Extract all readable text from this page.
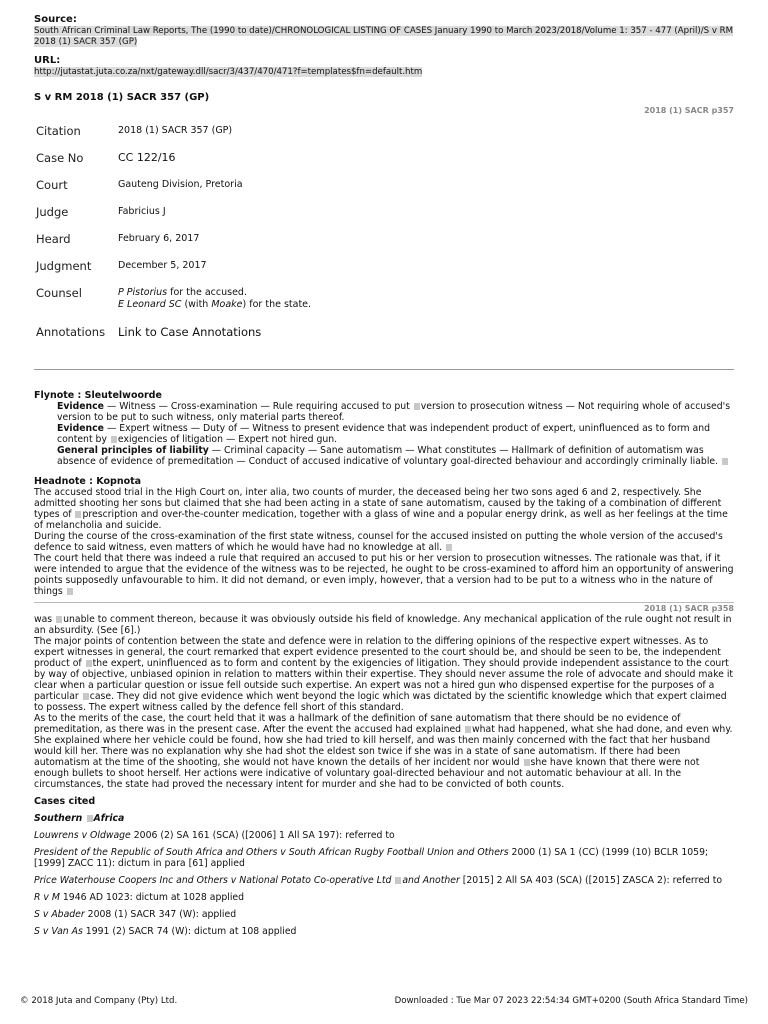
Source:
South African Criminal Law Reports, The (1990 to date)/CHRONOLOGICAL LISTING OF CASES January 1990 to March 2023/2018/Volume 1: 357 - 477 (April)/S v RM 2018 (1) SACR 357 (GP)
URL:
http://jutastat.juta.co.za/nxt/gateway.dll/sacr/3/437/470/471?f=templates$fn=default.htm
S v RM 2018 (1) SACR 357 (GP)
2018 (1) SACR p357
Citation	2018 (1) SACR 357 (GP)
Case No	CC 122/16
Court	Gauteng Division, Pretoria
Judge	Fabricius J
Heard	February 6, 2017
Judgment	December 5, 2017
Counsel	P Pistorius for the accused.
E Leonard SC (with Moake) for the state.

Annotations	Link to Case Annotations
Flynote : Sleutelwoorde

Evidence — Witness — Cross-examination — Rule requiring accused to put version to prosecution witness — Not requiring whole of accused's version to be put to such witness, only material parts thereof.

Evidence — Expert witness — Duty of — Witness to present evidence that was independent product of expert, uninfluenced as to form and content by exigencies of litigation — Expert not hired gun.

General principles of liability — Criminal capacity — Sane automatism — What constitutes — Hallmark of definition of automatism was absence of evidence of premeditation — Conduct of accused indicative of voluntary goal-directed behaviour and accordingly criminally liable.

Headnote : Kopnota

The accused stood trial in the High Court on, inter alia, two counts of murder, the deceased being her two sons aged 6 and 2, respectively. She admitted shooting her sons but claimed that she had been acting in a state of sane automatism, caused by the taking of a combination of different types of prescription and over-the-counter medication, together with a glass of wine and a popular energy drink, as well as her feelings at the time of melancholia and suicide.

During the course of the cross-examination of the first state witness, counsel for the accused insisted on putting the whole version of the accused's defence to said witness, even matters of which he would have had no knowledge at all.

The court held that there was indeed a rule that required an accused to put his or her version to prosecution witnesses. The rationale was that, if it were intended to argue that the evidence of the witness was to be rejected, he ought to be cross-examined to afford him an opportunity of answering points supposedly unfavourable to him. It did not demand, or even imply, however, that a version had to be put to a witness who in the nature of things

2018 (1) SACR p358

was unable to comment thereon, because it was obviously outside his field of knowledge. Any mechanical application of the rule ought not result in an absurdity. (See [6].)

The major points of contention between the state and defence were in relation to the differing opinions of the respective expert witnesses. As to expert witnesses in general, the court remarked that expert evidence presented to the court should be, and should be seen to be, the independent product of the expert, uninfluenced as to form and content by the exigencies of litigation. They should provide independent assistance to the court by way of objective, unbiased opinion in relation to matters within their expertise. They should never assume the role of advocate and should make it clear when a particular question or issue fell outside such expertise. An expert was not a hired gun who dispensed expertise for the purposes of a particular case. They did not give evidence which went beyond the logic which was dictated by the scientific knowledge which that expert claimed to possess. The expert witness called by the defence fell short of this standard.

As to the merits of the case, the court held that it was a hallmark of the definition of sane automatism that there should be no evidence of premeditation, as there was in the present case. After the event the accused had explained what had happened, what she had done, and even why. She explained where her vehicle could be found, how she had tried to kill herself, and was then mainly concerned with the fact that her husband would kill her. There was no explanation why she had shot the eldest son twice if she was in a state of sane automatism. If there had been automatism at the time of the shooting, she would not have known the details of her incident nor would she have known that there were not enough bullets to shoot herself. Her actions were indicative of voluntary goal-directed behaviour and not automatic behaviour at all. In the circumstances, the state had proved the necessary intent for murder and she had to be convicted of both counts.

Cases cited

Southern Africa

Louwrens v Oldwage 2006 (2) SA 161 (SCA) ([2006] 1 All SA 197): referred to

President of the Republic of South Africa and Others v South African Rugby Football Union and Others 2000 (1) SA 1 (CC) (1999 (10) BCLR 1059; [1999] ZACC 11): dictum in para [61] applied

Price Waterhouse Coopers Inc and Others v National Potato Co-operative Ltd and Another [2015] 2 All SA 403 (SCA) ([2015] ZASCA 2): referred to

R v M 1946 AD 1023: dictum at 1028 applied

S v Abader 2008 (1) SACR 347 (W): applied

S v Van As 1991 (2) SACR 74 (W): dictum at 108 applied

© 2018 Juta and Company (Pty) Ltd.	Downloaded : Tue Mar 07 2023 22:54:34 GMT+0200 (South Africa Standard Time)
